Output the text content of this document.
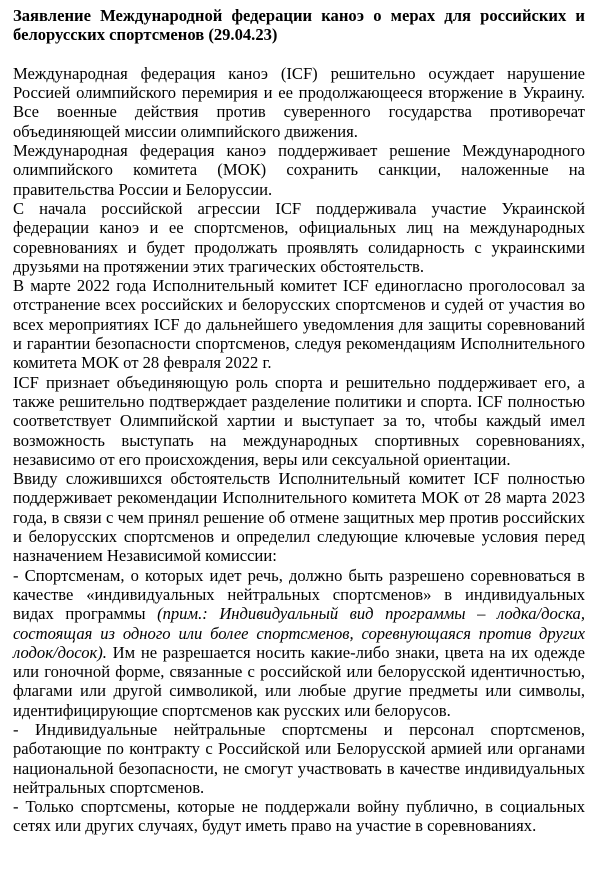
Заявление Международной федерации каноэ о мерах для российских и белорусских спортсменов (29.04.23)

Международная федерация каноэ (ICF) решительно осуждает нарушение Россией олимпийского перемирия и ее продолжающееся вторжение в Украину. Все военные действия против суверенного государства противоречат объединяющей миссии олимпийского движения.

Международная федерация каноэ поддерживает решение Международного олимпийского комитета (МОК) сохранить санкции, наложенные на правительства России и Белоруссии.

С начала российской агрессии ICF поддерживала участие Украинской федерации каноэ и ее спортсменов, официальных лиц на международных соревнованиях и будет продолжать проявлять солидарность с украинскими друзьями на протяжении этих трагических обстоятельств.

В марте 2022 года Исполнительный комитет ICF единогласно проголосовал за отстранение всех российских и белорусских спортсменов и судей от участия во всех мероприятиях ICF до дальнейшего уведомления для защиты соревнований и гарантии безопасности спортсменов, следуя рекомендациям Исполнительного комитета МОК от 28 февраля 2022 г.

ICF признает объединяющую роль спорта и решительно поддерживает его, а также решительно подтверждает разделение политики и спорта. ICF полностью соответствует Олимпийской хартии и выступает за то, чтобы каждый имел возможность выступать на международных спортивных соревнованиях, независимо от его происхождения, веры или сексуальной ориентации.

Ввиду сложившихся обстоятельств Исполнительный комитет ICF полностью поддерживает рекомендации Исполнительного комитета МОК от 28 марта 2023 года, в связи с чем принял решение об отмене защитных мер против российских и белорусских спортсменов и определил следующие ключевые условия перед назначением Независимой комиссии:

- Спортсменам, о которых идет речь, должно быть разрешено соревноваться в качестве «индивидуальных нейтральных спортсменов» в индивидуальных видах программы (прим.: Индивидуальный вид программы – лодка/доска, состоящая из одного или более спортсменов, соревнующаяся против других лодок/досок). Им не разрешается носить какие-либо знаки, цвета на их одежде или гоночной форме, связанные с российской или белорусской идентичностью, флагами или другой символикой, или любые другие предметы или символы, идентифицирующие спортсменов как русских или белорусов.

- Индивидуальные нейтральные спортсмены и персонал спортсменов, работающие по контракту с Российской или Белорусской армией или органами национальной безопасности, не смогут участвовать в качестве индивидуальных нейтральных спортсменов.

- Только спортсмены, которые не поддержали войну публично, в социальных сетях или других случаях, будут иметь право на участие в соревнованиях.
